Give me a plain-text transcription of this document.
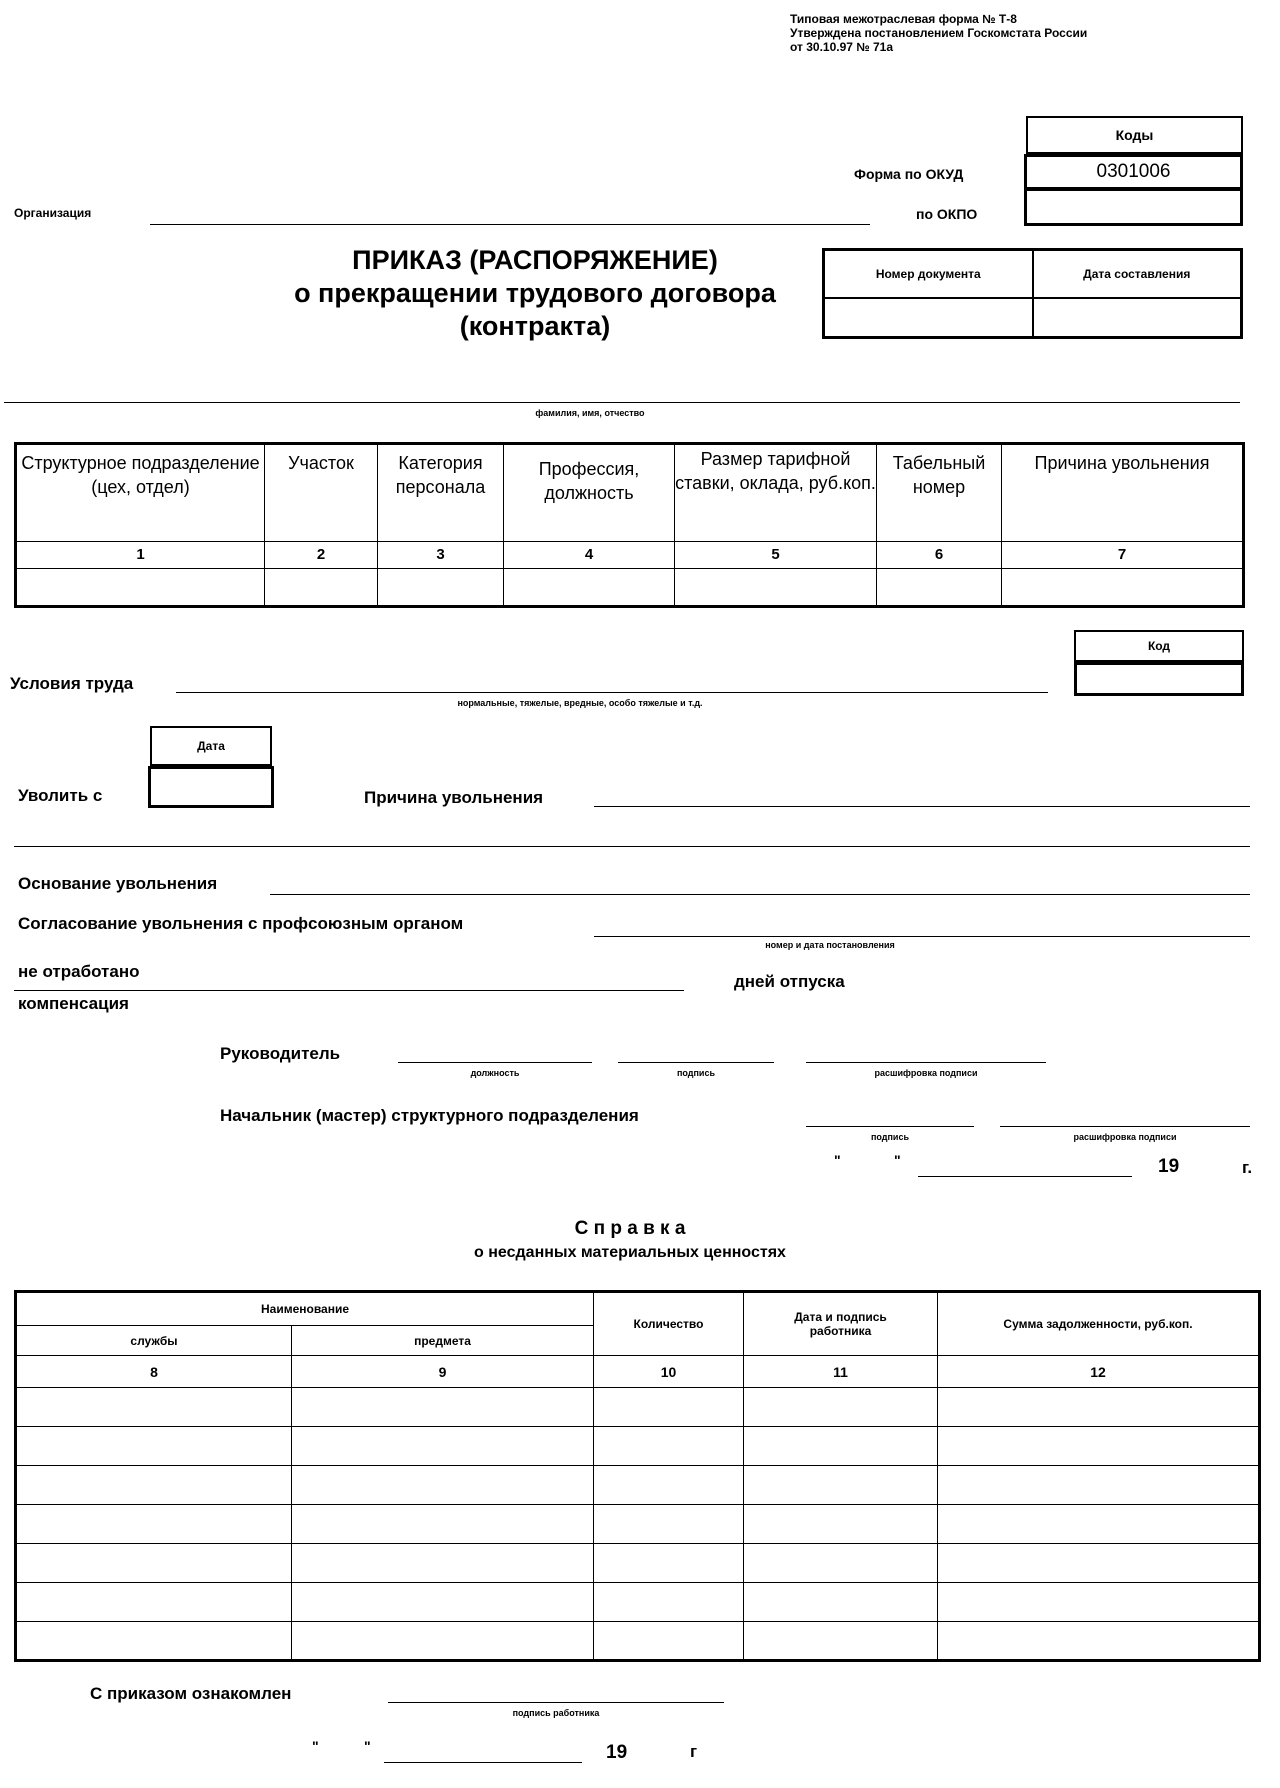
Типовая межотраслевая форма № Т-8
Утверждена постановлением Госкомстата России
от 30.10.97 № 71а
Коды
0301006
Форма по ОКУД
по ОКПО
Организация
ПРИКАЗ (РАСПОРЯЖЕНИЕ)
о прекращении трудового договора
(контракта)
Номер документа	Дата составления

фамилия, имя, отчество
Структурное подразделение (цех, отдел)	Участок	Категория персонала	Профессия, должность	Размер тарифной ставки, оклада, руб.коп.	Табельный номер	Причина увольнения
1	2	3	4	5	6	7

Условия труда
нормальные, тяжелые, вредные, особо тяжелые и т.д.
Код
Дата
Уволить с	Причина увольнения
Основание увольнения
Согласование увольнения с профсоюзным органом
номер и дата постановления
не отработано
дней отпуска
компенсация
Руководитель
должность	подпись	расшифровка подписи
Начальник (мастер) структурного подразделения
подпись	расшифровка подписи
"	"	19	г.
С п р а в к а
о несданных материальных ценностях
Наименование		Количество	Дата и подпись работника	Сумма задолженности, руб.коп.
службы	предмета			
8	9	10	11	12

С приказом ознакомлен
подпись работника
"	"	19	г
